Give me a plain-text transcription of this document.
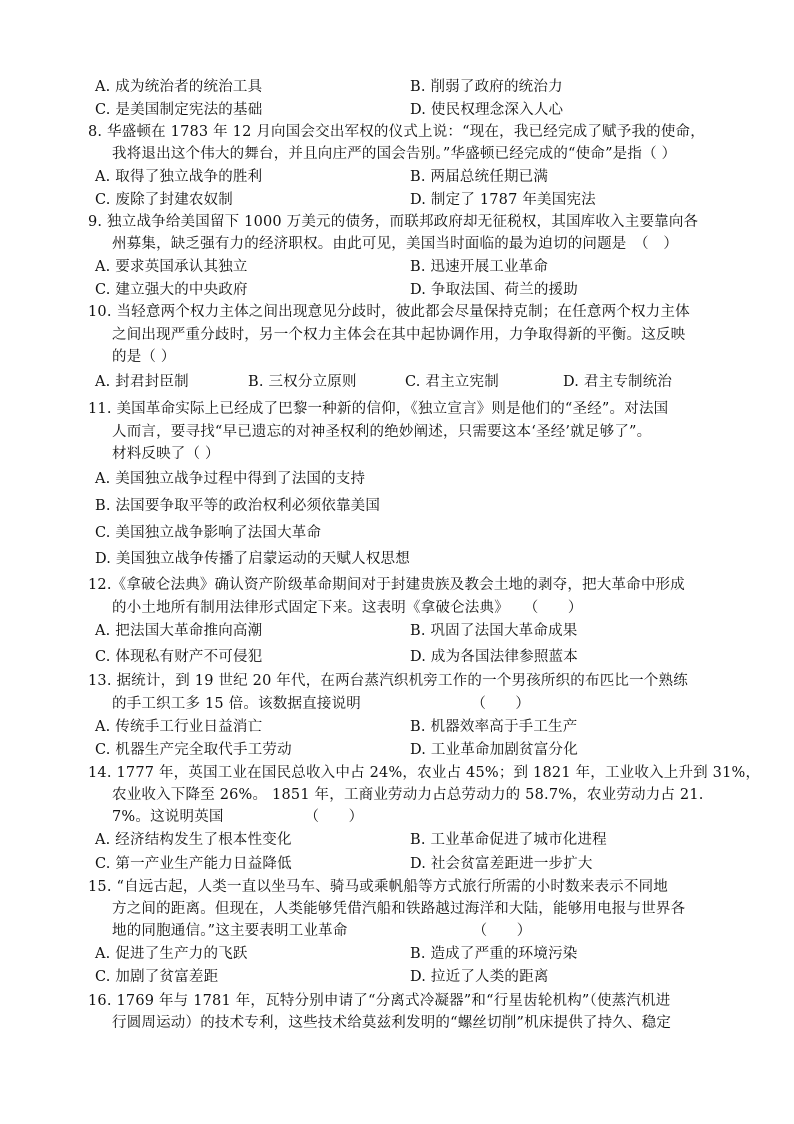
A. 成为统治者的统治工具	B. 削弱了政府的统治力
C. 是美国制定宪法的基础	D. 使民权理念深入人心
8. 华盛顿在 1783 年 12 月向国会交出军权的仪式上说：“现在，我已经完成了赋予我的使命，
我将退出这个伟大的舞台，并且向庄严的国会告别。”华盛顿已经完成的“使命”是指（ ）
A. 取得了独立战争的胜利	B. 两届总统任期已满
C. 废除了封建农奴制	D. 制定了 1787 年美国宪法
9. 独立战争给美国留下 1000 万美元的债务，而联邦政府却无征税权，其国库收入主要靠向各
州募集，缺乏强有力的经济职权。由此可见，美国当时面临的最为迫切的问题是　（　）
A. 要求英国承认其独立	B. 迅速开展工业革命
C. 建立强大的中央政府	D. 争取法国、荷兰的援助
10. 当轻意两个权力主体之间出现意见分歧时，彼此都会尽量保持克制；在任意两个权力主体
之间出现严重分歧时，另一个权力主体会在其中起协调作用，力争取得新的平衡。这反映
的是（ ）
A. 封君封臣制	B. 三权分立原则	C. 君主立宪制	D. 君主专制统治
11. 美国革命实际上已经成了巴黎一种新的信仰，《独立宣言》则是他们的“圣经”。对法国
人而言，要寻找“早已遗忘的对神圣权利的绝妙阐述，只需要这本‘圣经’就足够了”。
材料反映了（ ）
A. 美国独立战争过程中得到了法国的支持
B. 法国要争取平等的政治权利必须依靠美国
C. 美国独立战争影响了法国大革命
D. 美国独立战争传播了启蒙运动的天赋人权思想
12.《拿破仑法典》确认资产阶级革命期间对于封建贵族及教会土地的剥夺，把大革命中形成
的小土地所有制用法律形式固定下来。这表明《拿破仑法典》　　（　　）
A. 把法国大革命推向高潮	B. 巩固了法国大革命成果
C. 体现私有财产不可侵犯	D. 成为各国法律参照蓝本
13. 据统计，到 19 世纪 20 年代，在两台蒸汽织机旁工作的一个男孩所织的布匹比一个熟练
的手工织工多 15 倍。该数据直接说明　　　　　　　　（　　）
A. 传统手工行业日益消亡	B. 机器效率高于手工生产
C. 机器生产完全取代手工劳动	D. 工业革命加剧贫富分化
14. 1777 年，英国工业在国民总收入中占 24%，农业占 45%；到 1821 年，工业收入上升到 31%，
农业收入下降至 26%。 1851 年，工商业劳动力占总劳动力的 58.7%，农业劳动力占 21.
7%。这说明英国　　　　　　（　　）
A. 经济结构发生了根本性变化	B. 工业革命促进了城市化进程
C. 第一产业生产能力日益降低	D. 社会贫富差距进一步扩大
15. “自远古起，人类一直以坐马车、骑马或乘帆船等方式旅行所需的小时数来表示不同地
方之间的距离。但现在，人类能够凭借汽船和铁路越过海洋和大陆，能够用电报与世界各
地的同胞通信。”这主要表明工业革命　　　　　　　　　（　　）
A. 促进了生产力的飞跃	B. 造成了严重的环境污染
C. 加剧了贫富差距	D. 拉近了人类的距离
16. 1769 年与 1781 年，瓦特分别申请了“分离式冷凝器”和“行星齿轮机构”（使蒸汽机进
行圆周运动）的技术专利，这些技术给莫兹利发明的“螺丝切削”机床提供了持久、稳定
